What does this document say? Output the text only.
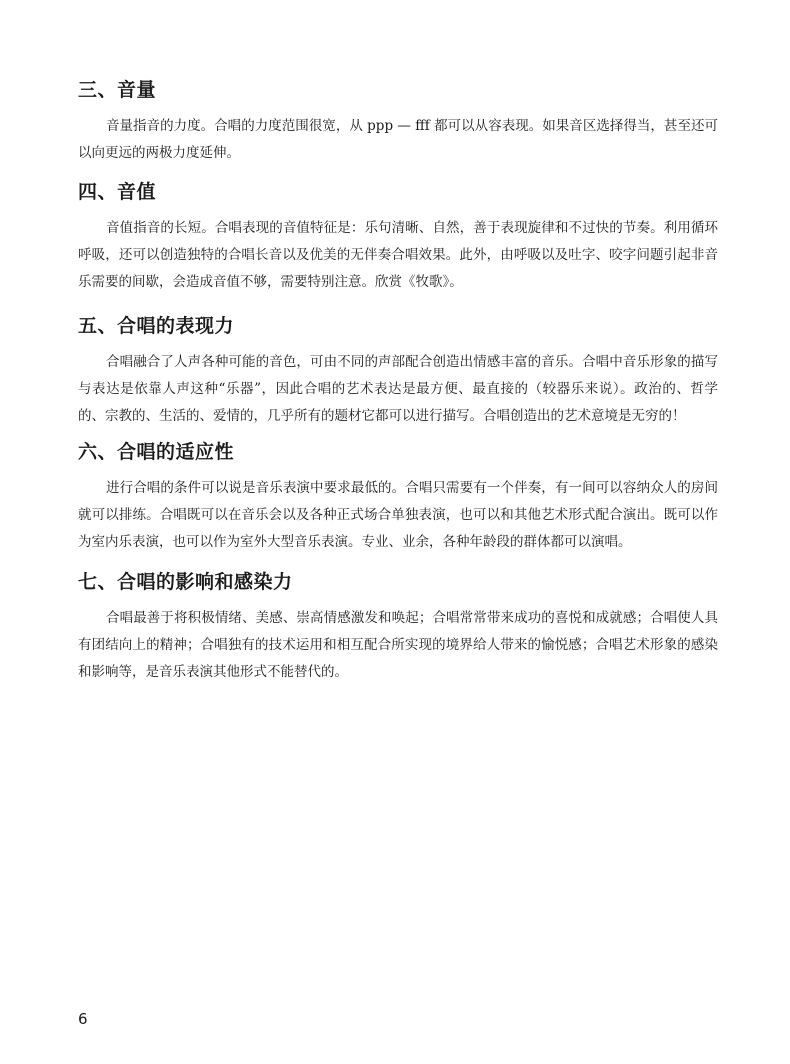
三、音量

音量指音的力度。合唱的力度范围很宽，从 ppp — fff 都可以从容表现。如果音区选择得当，甚至还可以向更远的两极力度延伸。

四、音值

音值指音的长短。合唱表现的音值特征是：乐句清晰、自然，善于表现旋律和不过快的节奏。利用循环呼吸，还可以创造独特的合唱长音以及优美的无伴奏合唱效果。此外，由呼吸以及吐字、咬字问题引起非音乐需要的间歇，会造成音值不够，需要特别注意。欣赏《牧歌》。

五、合唱的表现力

合唱融合了人声各种可能的音色，可由不同的声部配合创造出情感丰富的音乐。合唱中音乐形象的描写与表达是依靠人声这种“乐器”，因此合唱的艺术表达是最方便、最直接的（较器乐来说）。政治的、哲学的、宗教的、生活的、爱情的，几乎所有的题材它都可以进行描写。合唱创造出的艺术意境是无穷的！

六、合唱的适应性

进行合唱的条件可以说是音乐表演中要求最低的。合唱只需要有一个伴奏，有一间可以容纳众人的房间就可以排练。合唱既可以在音乐会以及各种正式场合单独表演，也可以和其他艺术形式配合演出。既可以作为室内乐表演，也可以作为室外大型音乐表演。专业、业余，各种年龄段的群体都可以演唱。

七、合唱的影响和感染力

合唱最善于将积极情绪、美感、崇高情感激发和唤起；合唱常常带来成功的喜悦和成就感；合唱使人具有团结向上的精神；合唱独有的技术运用和相互配合所实现的境界给人带来的愉悦感；合唱艺术形象的感染和影响等，是音乐表演其他形式不能替代的。

6
